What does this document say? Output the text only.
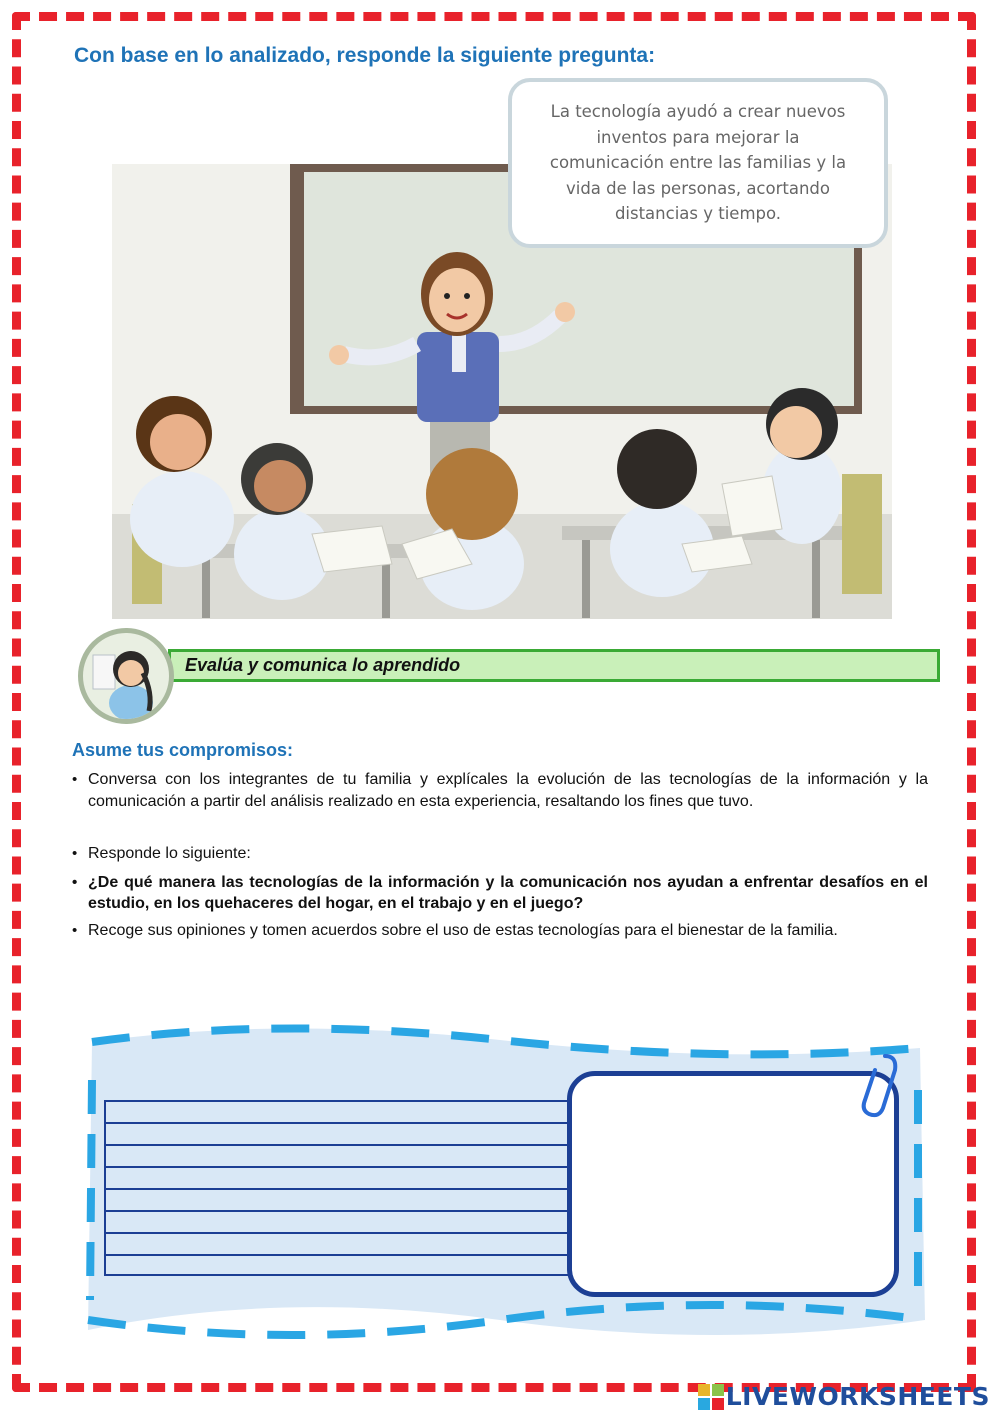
Con base en lo analizado, responde la siguiente pregunta:
La tecnología ayudó a crear nuevos inventos para mejorar la comunicación entre las familias y la vida de las personas, acortando distancias y tiempo.
Evalúa y comunica lo aprendido
Asume tus compromisos:
• Conversa con los integrantes de tu familia y explícales la evolución de las tecnologías de la información y la comunicación a partir del análisis realizado en esta experiencia, resaltando los fines que tuvo.
• Responde lo siguiente:
• ¿De qué manera las tecnologías de la información y la comunicación nos ayudan a enfrentar desafíos en el estudio, en los quehaceres del hogar, en el trabajo y en el juego?
• Recoge sus opiniones y tomen acuerdos sobre el uso de estas tecnologías para el bienestar de la familia.
LIVEWORKSHEETS
